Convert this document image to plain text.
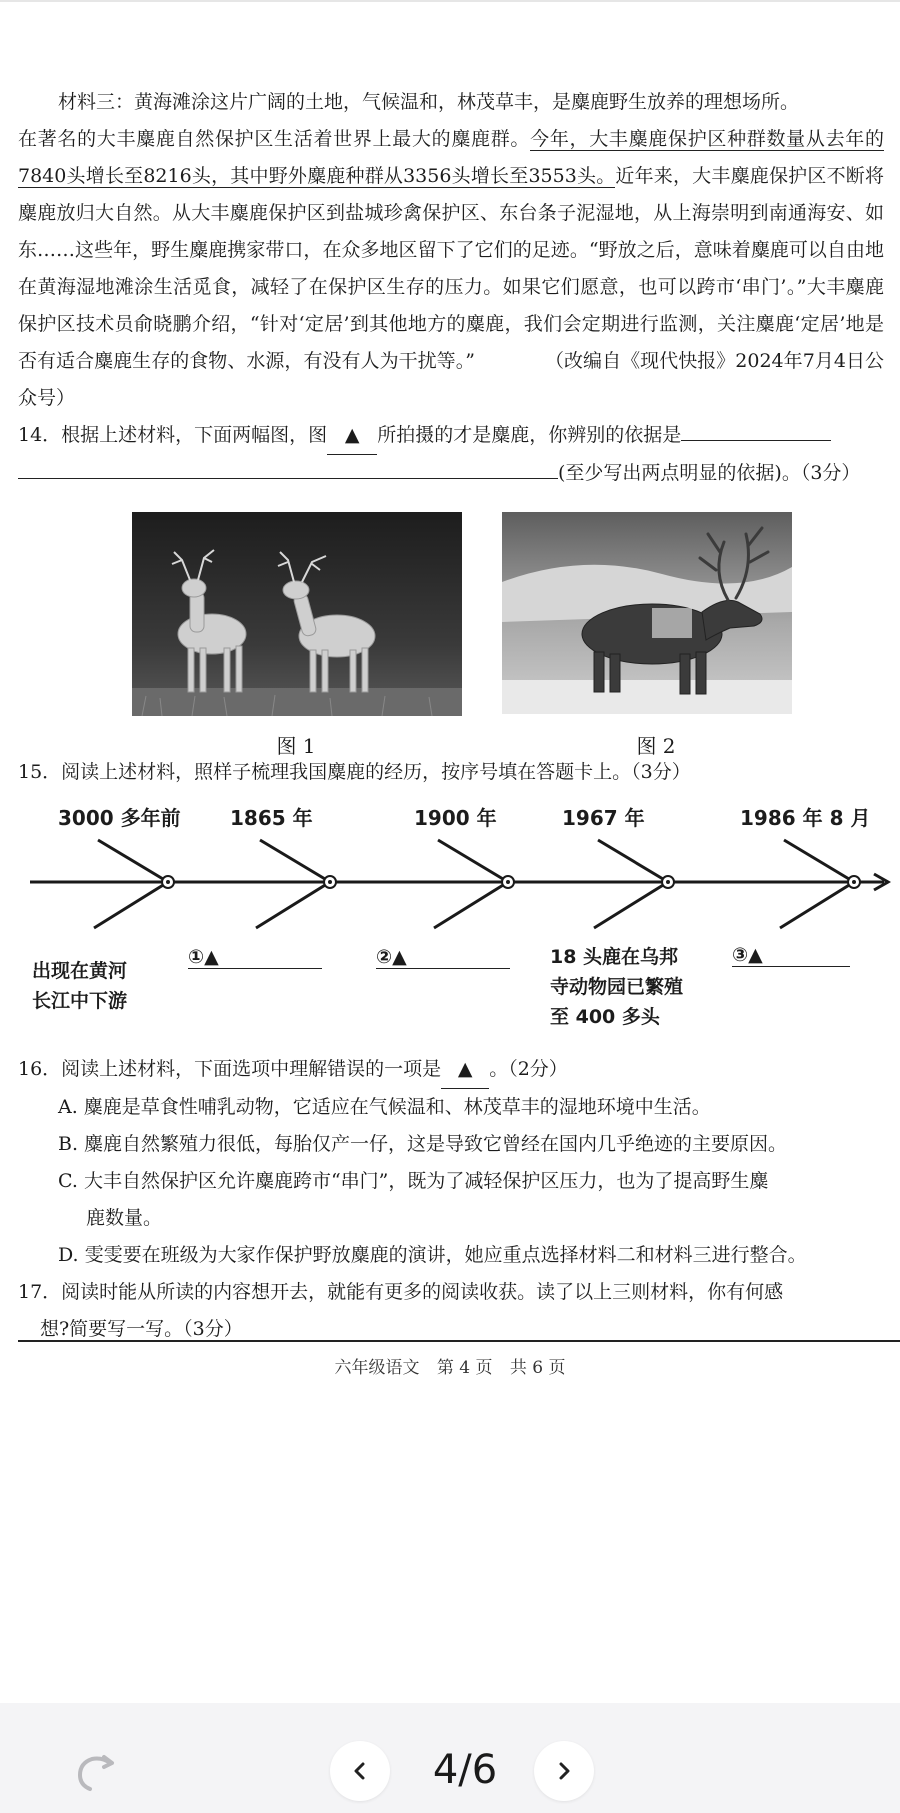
材料三：黄海滩涂这片广阔的土地，气候温和，林茂草丰，是麋鹿野生放养的理想场所。

在著名的大丰麋鹿自然保护区生活着世界上最大的麋鹿群。今年，大丰麋鹿保护区种群数量从去年的7840头增长至8216头，其中野外麋鹿种群从3356头增长至3553头。近年来，大丰麋鹿保护区不断将麋鹿放归大自然。从大丰麋鹿保护区到盐城珍禽保护区、东台条子泥湿地，从上海崇明到南通海安、如东……这些年，野生麋鹿携家带口，在众多地区留下了它们的足迹。“野放之后，意味着麋鹿可以自由地在黄海湿地滩涂生活觅食，减轻了在保护区生存的压力。如果它们愿意，也可以跨市‘串门’。”大丰麋鹿保护区技术员俞晓鹏介绍，“针对‘定居’到其他地方的麋鹿，我们会定期进行监测，关注麋鹿‘定居’地是否有适合麋鹿生存的食物、水源，有没有人为干扰等。”	（改编自《现代快报》2024年7月4日公众号）

14．根据上述材料，下面两幅图，图 ▲ 所拍摄的才是麋鹿，你辨别的依据是
(至少写出两点明显的依据)。（3分）

图 1	图 2
15．阅读上述材料，照样子梳理我国麋鹿的经历，按序号填在答题卡上。（3分）
3000 多年前 1865 年	1900 年	1967 年	1986 年 8 月
出现在黄河
长江中下游
①▲	②▲	18 头鹿在乌邦
寺动物园已繁殖
至 400 多头
③▲

16．阅读上述材料，下面选项中理解错误的一项是 ▲ 。（2分）

A. 麋鹿是草食性哺乳动物，它适应在气候温和、林茂草丰的湿地环境中生活。

B. 麋鹿自然繁殖力很低，每胎仅产一仔，这是导致它曾经在国内几乎绝迹的主要原因。

C. 大丰自然保护区允许麋鹿跨市“串门”，既为了减轻保护区压力，也为了提高野生麋

鹿数量。

D. 雯雯要在班级为大家作保护野放麋鹿的演讲，她应重点选择材料二和材料三进行整合。

17．阅读时能从所读的内容想开去，就能有更多的阅读收获。读了以上三则材料，你有何感
想?简要写一写。（3分）

六年级语文 第 4 页 共 6 页
4/6
